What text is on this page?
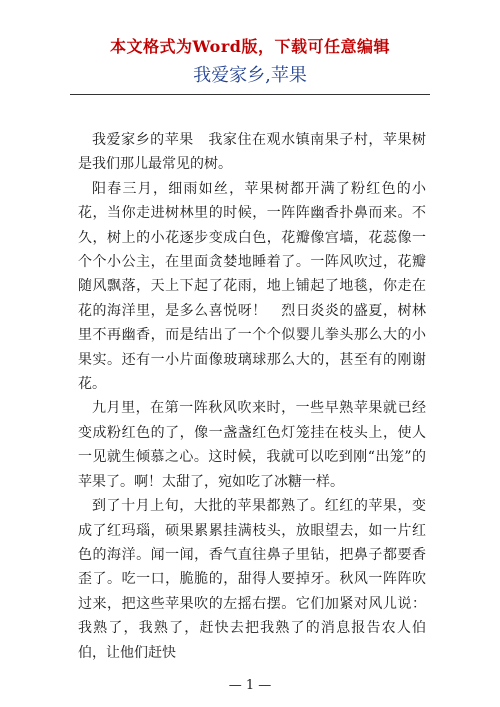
本文格式为Word版，下载可任意编辑
我爱家乡,苹果

我爱家乡的苹果　我家住在观水镇南果子村，苹果树是我们那儿最常见的树。

阳春三月，细雨如丝，苹果树都开满了粉红色的小花，当你走进树林里的时候，一阵阵幽香扑鼻而来。不久，树上的小花逐步变成白色，花瓣像宫墙，花蕊像一个个小公主，在里面贪婪地睡着了。一阵风吹过，花瓣随风飘落，天上下起了花雨，地上铺起了地毯，你走在花的海洋里，是多么喜悦呀！　烈日炎炎的盛夏，树林里不再幽香，而是结出了一个个似婴儿拳头那么大的小果实。还有一小片面像玻璃球那么大的，甚至有的刚谢花。

九月里，在第一阵秋风吹来时，一些早熟苹果就已经变成粉红色的了，像一盏盏红色灯笼挂在枝头上，使人一见就生倾慕之心。这时候，我就可以吃到刚“出笼”的苹果了。啊！太甜了，宛如吃了冰糖一样。

到了十月上旬，大批的苹果都熟了。红红的苹果，变成了红玛瑙，硕果累累挂满枝头，放眼望去，如一片红色的海洋。闻一闻，香气直往鼻子里钻，把鼻子都要香歪了。吃一口，脆脆的，甜得人要掉牙。秋风一阵阵吹过来，把这些苹果吹的左摇右摆。它们加紧对风儿说：我熟了，我熟了，赶快去把我熟了的消息报告农人伯伯，让他们赶快

— 1 —
